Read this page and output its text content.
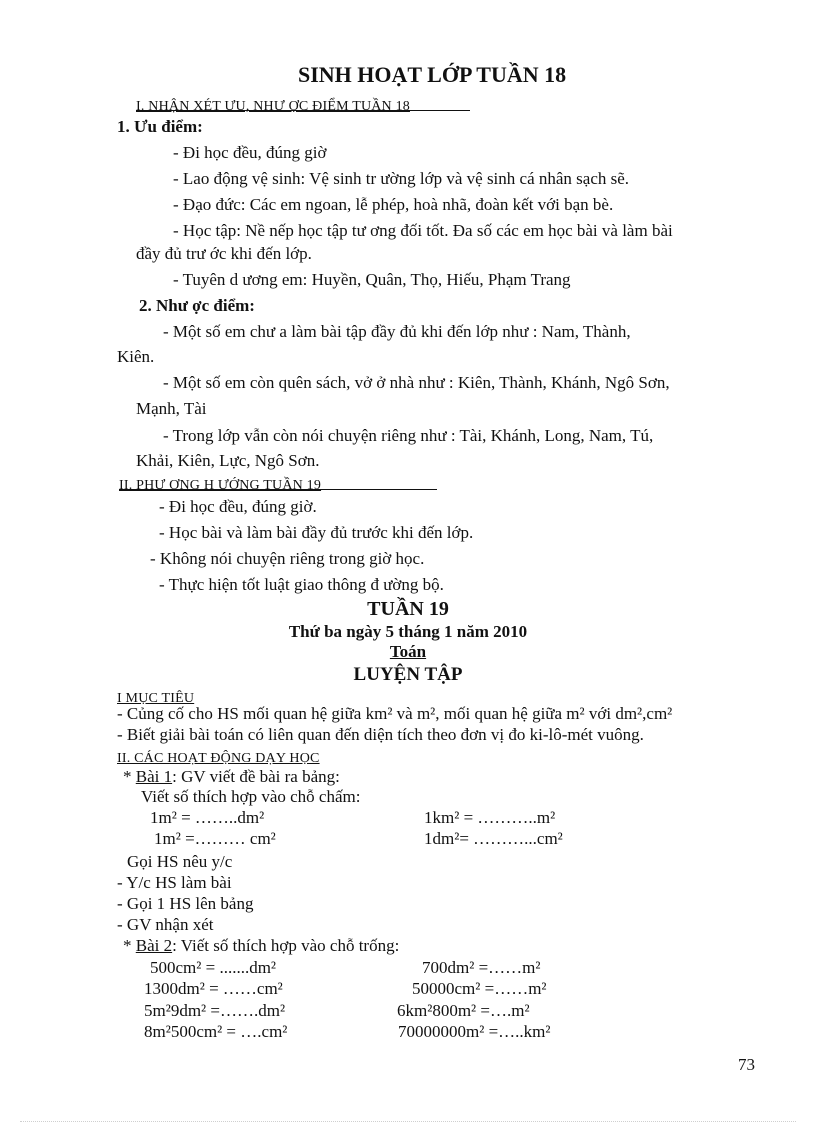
SINH HOẠT LỚP TUẦN 18
I. NHẬN XÉT ƯU, NHƯ ỢC ĐIỂM TUẦN 18
1. Ưu điểm:
- Đi học đều, đúng giờ
- Lao động vệ sinh: Vệ sinh tr ường lớp và vệ sinh cá nhân sạch sẽ.
- Đạo đức: Các em ngoan, lễ phép, hoà nhã, đoàn kết với bạn bè.
- Học tập: Nề nếp học tập tư ơng đối tốt. Đa số các em học bài và làm bài
đầy đủ trư ớc khi đến lớp.
- Tuyên d ương em: Huyền, Quân, Thọ, Hiếu, Phạm Trang
2. Như ợc điểm:
- Một số em chư a làm bài tập đầy đủ khi đến lớp như : Nam, Thành,
Kiên.
- Một số em còn quên sách, vở ở nhà như : Kiên, Thành, Khánh, Ngô Sơn,
Mạnh, Tài
- Trong lớp vẫn còn nói chuyện riêng như : Tài, Khánh, Long, Nam, Tú,
Khải, Kiên, Lực, Ngô Sơn.
II. PHƯ ƠNG H ƯỚNG TUẦN 19
- Đi học đều, đúng giờ.
- Học bài và làm bài đầy đủ trước khi đến lớp.
- Không nói chuyện riêng trong giờ học.
- Thực hiện tốt luật giao thông đ ường bộ.
TUẦN 19
Thứ ba ngày 5 tháng 1 năm 2010
Toán
LUYỆN TẬP
I MỤC TIÊU
- Củng cố cho HS mối quan hệ giữa km² và m², mối quan hệ giữa m² với dm²,cm²
- Biết giải bài toán có liên quan đến diện tích theo đơn vị đo ki-lô-mét vuông.
II. CÁC HOẠT ĐỘNG DẠY HỌC
* Bài 1: GV viết đề bài ra bảng:
Viết số thích hợp vào chỗ chấm:
1m² = ……..dm²
1m² =……… cm²
1km² = ………..m²
1dm²= ………...cm²
Gọi HS nêu y/c
- Y/c HS làm bài
- Gọi 1 HS lên bảng
- GV nhận xét
* Bài 2: Viết số thích hợp vào chỗ trống:
500cm² = .......dm²
1300dm² = ……cm²
5m²9dm² =…….dm²
8m²500cm² = ….cm²
700dm² =……m²
50000cm² =……m²
6km²800m² =….m²
70000000m² =…..km²
73
